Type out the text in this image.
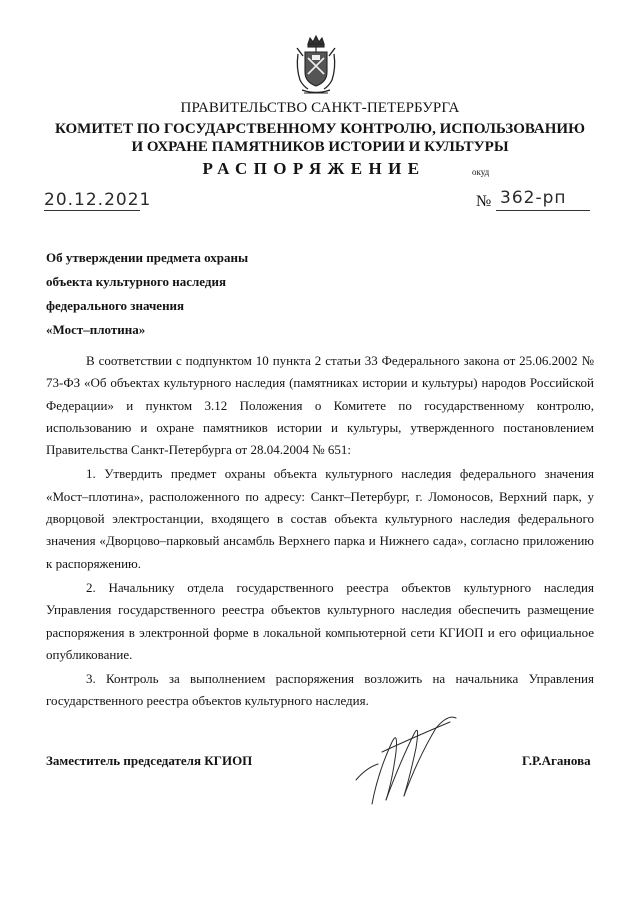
ПРАВИТЕЛЬСТВО САНКТ-ПЕТЕРБУРГА
КОМИТЕТ ПО ГОСУДАРСТВЕННОМУ КОНТРОЛЮ, ИСПОЛЬЗОВАНИЮ
И ОХРАНЕ ПАМЯТНИКОВ ИСТОРИИ И КУЛЬТУРЫ
РАСПОРЯЖЕНИЕ	окуд
20.12.2021	№ 362-рп
Об утверждении предмета охраны
объекта культурного наследия
федерального значения
«Мост–плотина»

В соответствии с подпунктом 10 пункта 2 статьи 33 Федерального закона от 25.06.2002 № 73-ФЗ «Об объектах культурного наследия (памятниках истории и культуры) народов Российской Федерации» и пунктом 3.12 Положения о Комитете по государственному контролю, использованию и охране памятников истории и культуры, утвержденного постановлением Правительства Санкт-Петербурга от 28.04.2004 № 651:

1. Утвердить предмет охраны объекта культурного наследия федерального значения «Мост–плотина», расположенного по адресу: Санкт–Петербург, г. Ломоносов, Верхний парк, у дворцовой электростанции, входящего в состав объекта культурного наследия федерального значения «Дворцово–парковый ансамбль Верхнего парка и Нижнего сада», согласно приложению к распоряжению.

2. Начальнику отдела государственного реестра объектов культурного наследия Управления государственного реестра объектов культурного наследия обеспечить размещение распоряжения в электронной форме в локальной компьютерной сети КГИОП и его официальное опубликование.

3. Контроль за выполнением распоряжения возложить на начальника Управления государственного реестра объектов культурного наследия.

Заместитель председателя КГИОП	Г.Р.Аганова
